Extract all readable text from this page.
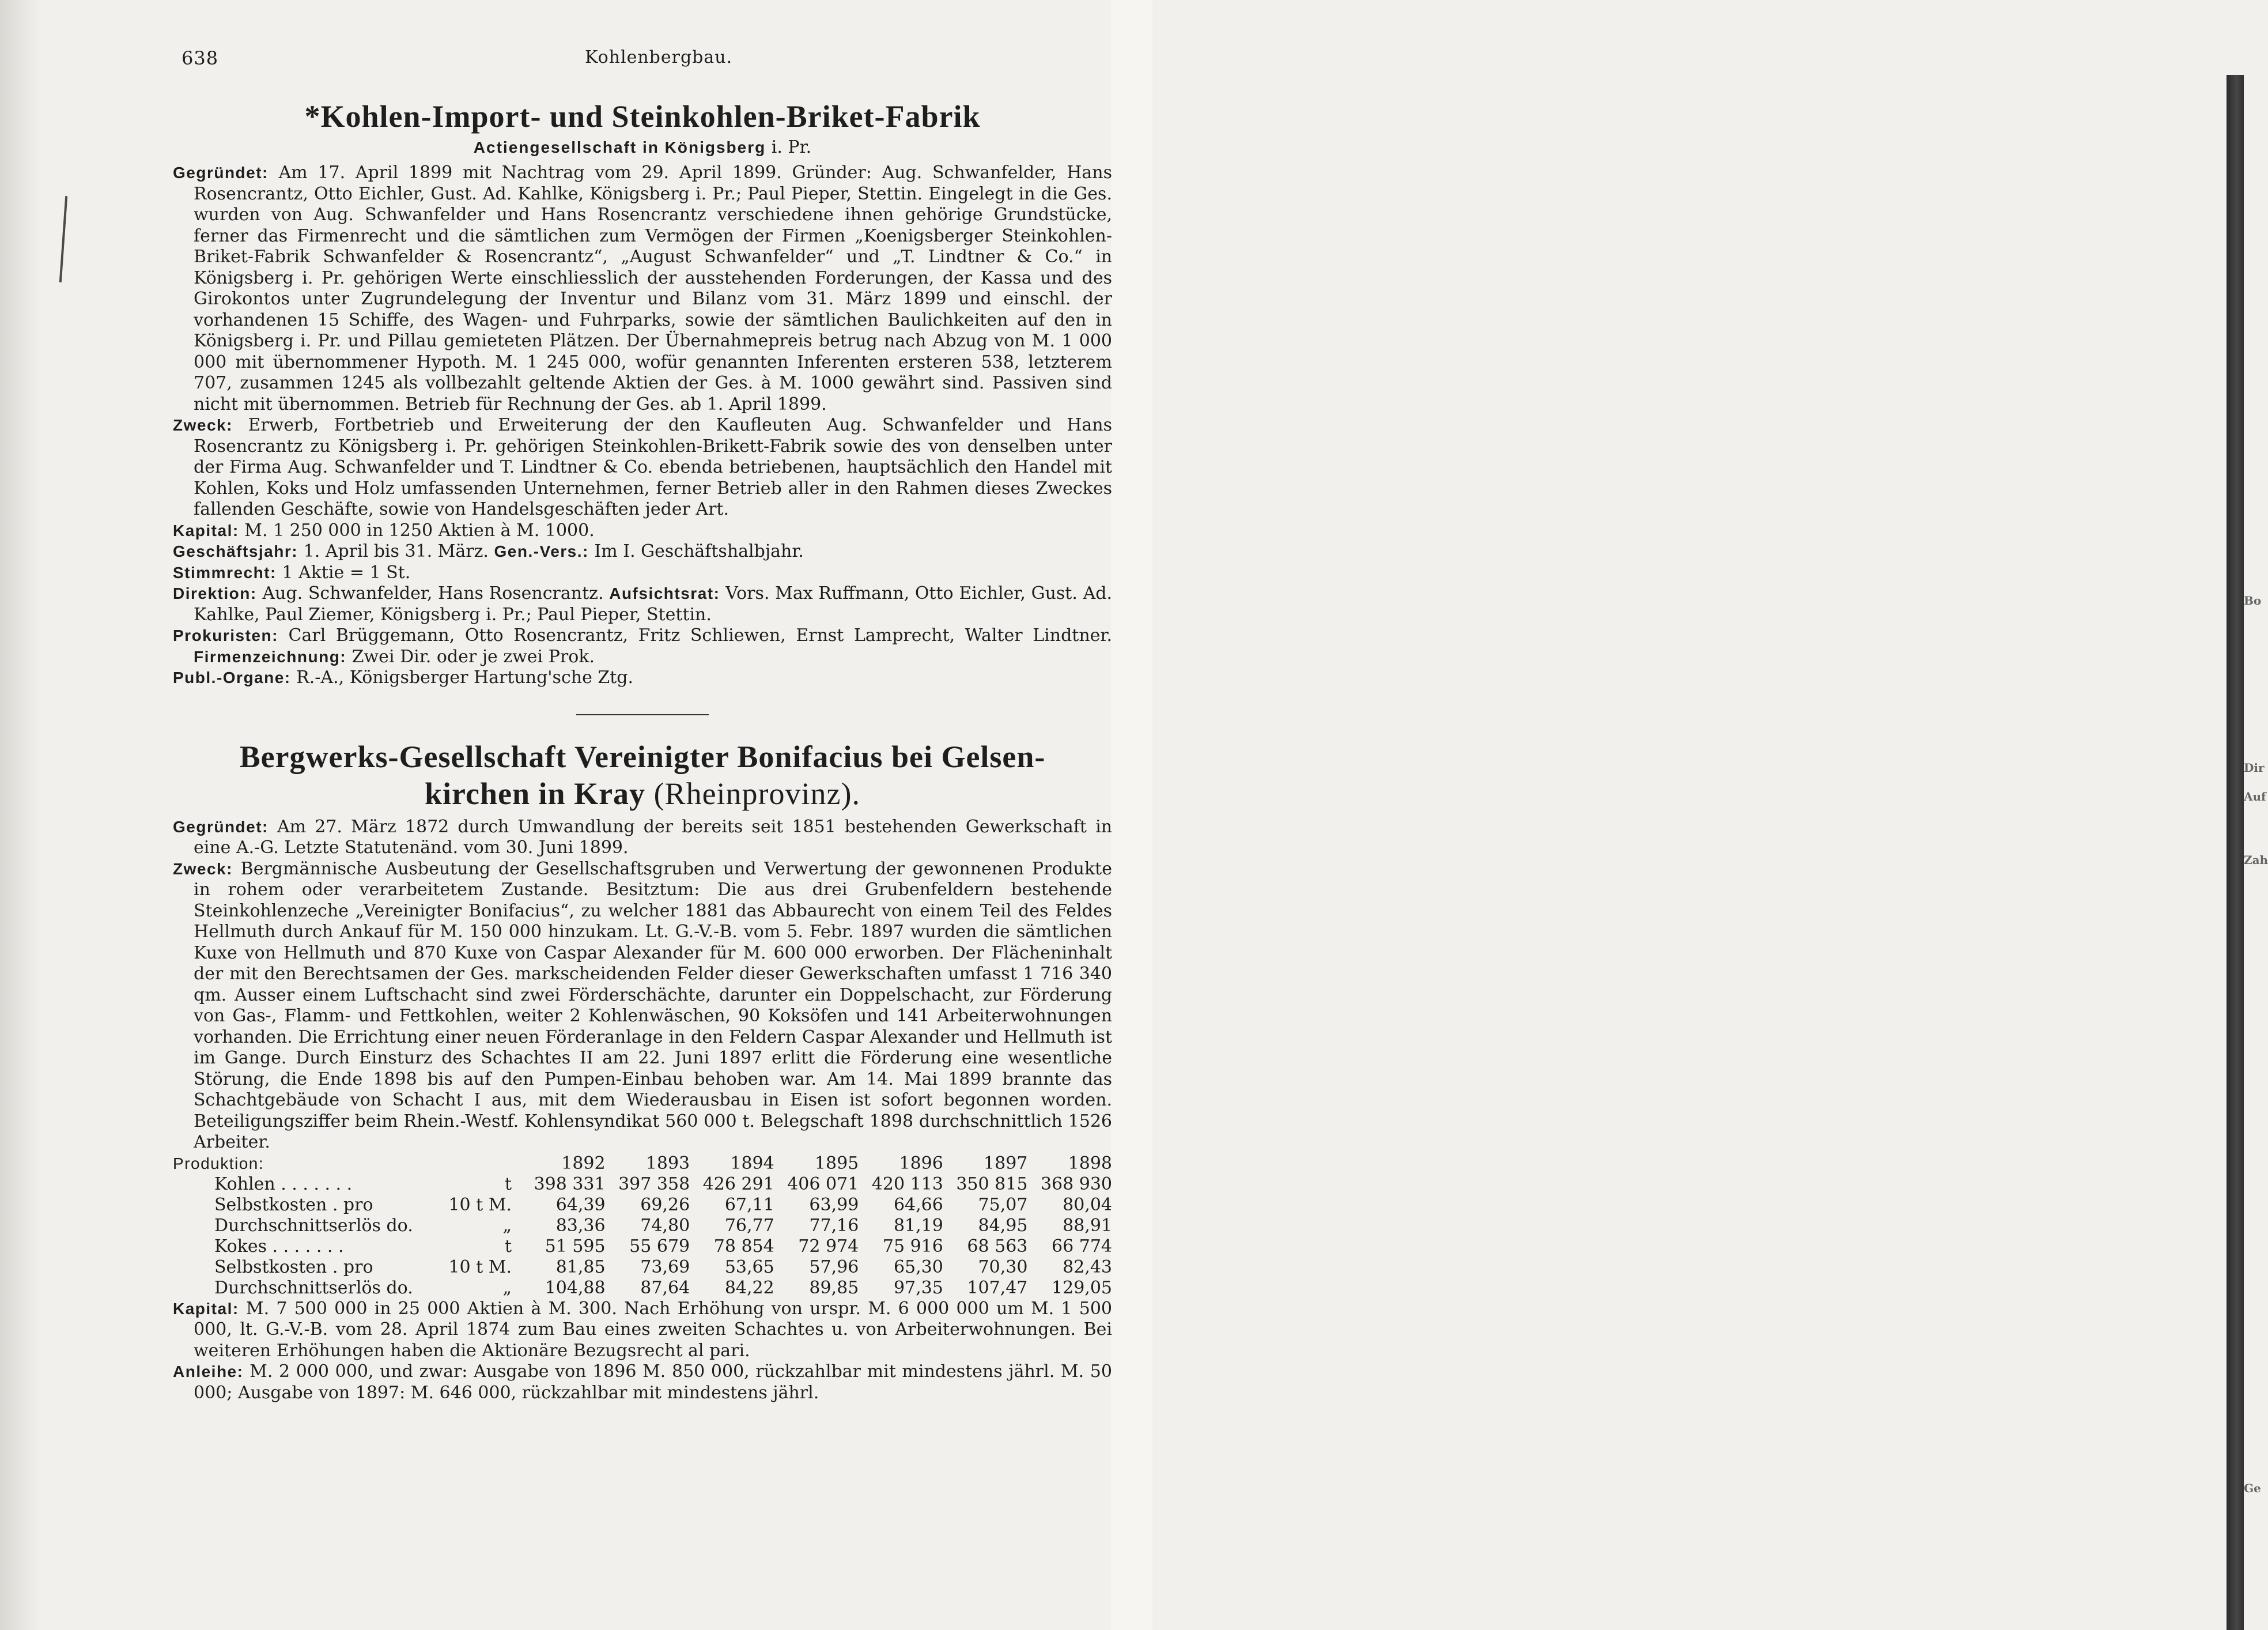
Bo
Dir
Auf
Zah
Ge
638	Kohlenbergbau.
*Kohlen-Import- und Steinkohlen-Briket-Fabrik
Actiengesellschaft in Königsberg i. Pr.

Gegründet: Am 17. April 1899 mit Nachtrag vom 29. April 1899. Gründer: Aug. Schwanfelder, Hans Rosencrantz, Otto Eichler, Gust. Ad. Kahlke, Königsberg i. Pr.; Paul Pieper, Stettin. Eingelegt in die Ges. wurden von Aug. Schwanfelder und Hans Rosencrantz verschiedene ihnen gehörige Grundstücke, ferner das Firmenrecht und die sämtlichen zum Vermögen der Firmen „Koenigsberger Steinkohlen-Briket-Fabrik Schwanfelder & Rosencrantz“, „August Schwanfelder“ und „T. Lindtner & Co.“ in Königsberg i. Pr. gehörigen Werte einschliesslich der ausstehenden Forderungen, der Kassa und des Girokontos unter Zugrundelegung der Inventur und Bilanz vom 31. März 1899 und einschl. der vorhandenen 15 Schiffe, des Wagen- und Fuhrparks, sowie der sämtlichen Baulichkeiten auf den in Königsberg i. Pr. und Pillau gemieteten Plätzen. Der Übernahmepreis betrug nach Abzug von M. 1 000 000 mit übernommener Hypoth. M. 1 245 000, wofür genannten Inferenten ersteren 538, letzterem 707, zusammen 1245 als vollbezahlt geltende Aktien der Ges. à M. 1000 gewährt sind. Passiven sind nicht mit übernommen. Betrieb für Rechnung der Ges. ab 1. April 1899.

Zweck: Erwerb, Fortbetrieb und Erweiterung der den Kaufleuten Aug. Schwanfelder und Hans Rosencrantz zu Königsberg i. Pr. gehörigen Steinkohlen-Brikett-Fabrik sowie des von denselben unter der Firma Aug. Schwanfelder und T. Lindtner & Co. ebenda betriebenen, hauptsächlich den Handel mit Kohlen, Koks und Holz umfassenden Unternehmen, ferner Betrieb aller in den Rahmen dieses Zweckes fallenden Geschäfte, sowie von Handelsgeschäften jeder Art.

Kapital: M. 1 250 000 in 1250 Aktien à M. 1000.

Geschäftsjahr: 1. April bis 31. März. Gen.-Vers.: Im I. Geschäftshalbjahr.

Stimmrecht: 1 Aktie = 1 St.

Direktion: Aug. Schwanfelder, Hans Rosencrantz. Aufsichtsrat: Vors. Max Ruffmann, Otto Eichler, Gust. Ad. Kahlke, Paul Ziemer, Königsberg i. Pr.; Paul Pieper, Stettin.

Prokuristen: Carl Brüggemann, Otto Rosencrantz, Fritz Schliewen, Ernst Lamprecht, Walter Lindtner. Firmenzeichnung: Zwei Dir. oder je zwei Prok.

Publ.-Organe: R.-A., Königsberger Hartung'sche Ztg.

Bergwerks-Gesellschaft Vereinigter Bonifacius bei Gelsen-
kirchen in Kray (Rheinprovinz).

Gegründet: Am 27. März 1872 durch Umwandlung der bereits seit 1851 bestehenden Gewerkschaft in eine A.-G. Letzte Statutenänd. vom 30. Juni 1899.

Zweck: Bergmännische Ausbeutung der Gesellschaftsgruben und Verwertung der gewonnenen Produkte in rohem oder verarbeitetem Zustande. Besitztum: Die aus drei Grubenfeldern bestehende Steinkohlenzeche „Vereinigter Bonifacius“, zu welcher 1881 das Abbaurecht von einem Teil des Feldes Hellmuth durch Ankauf für M. 150 000 hinzukam. Lt. G.-V.-B. vom 5. Febr. 1897 wurden die sämtlichen Kuxe von Hellmuth und 870 Kuxe von Caspar Alexander für M. 600 000 erworben. Der Flächeninhalt der mit den Berechtsamen der Ges. markscheidenden Felder dieser Gewerkschaften umfasst 1 716 340 qm. Ausser einem Luftschacht sind zwei Förderschächte, darunter ein Doppelschacht, zur Förderung von Gas-, Flamm- und Fettkohlen, weiter 2 Kohlenwäschen, 90 Koksöfen und 141 Arbeiterwohnungen vorhanden. Die Errichtung einer neuen Förderanlage in den Feldern Caspar Alexander und Hellmuth ist im Gange. Durch Einsturz des Schachtes II am 22. Juni 1897 erlitt die Förderung eine wesentliche Störung, die Ende 1898 bis auf den Pumpen-Einbau behoben war. Am 14. Mai 1899 brannte das Schachtgebäude von Schacht I aus, mit dem Wiederausbau in Eisen ist sofort begonnen worden. Beteiligungsziffer beim Rhein.-Westf. Kohlensyndikat 560 000 t. Belegschaft 1898 durchschnittlich 1526 Arbeiter.

Produktion:		1892	1893	1894	1895	1896	1897	1898
Kohlen . . . . . . .	t	398 331	397 358	426 291	406 071	420 113	350 815	368 930
Selbstkosten . pro	10 t M.	64,39	69,26	67,11	63,99	64,66	75,07	80,04
Durchschnittserlös do.	„	83,36	74,80	76,77	77,16	81,19	84,95	88,91
Kokes . . . . . . .	t	51 595	55 679	78 854	72 974	75 916	68 563	66 774
Selbstkosten . pro	10 t M.	81,85	73,69	53,65	57,96	65,30	70,30	82,43
Durchschnittserlös do.	„	104,88	87,64	84,22	89,85	97,35	107,47	129,05

Kapital: M. 7 500 000 in 25 000 Aktien à M. 300. Nach Erhöhung von urspr. M. 6 000 000 um M. 1 500 000, lt. G.-V.-B. vom 28. April 1874 zum Bau eines zweiten Schachtes u. von Arbeiterwohnungen. Bei weiteren Erhöhungen haben die Aktionäre Bezugsrecht al pari.

Anleihe: M. 2 000 000, und zwar: Ausgabe von 1896 M. 850 000, rückzahlbar mit mindestens jährl. M. 50 000; Ausgabe von 1897: M. 646 000, rückzahlbar mit mindestens jährl.
